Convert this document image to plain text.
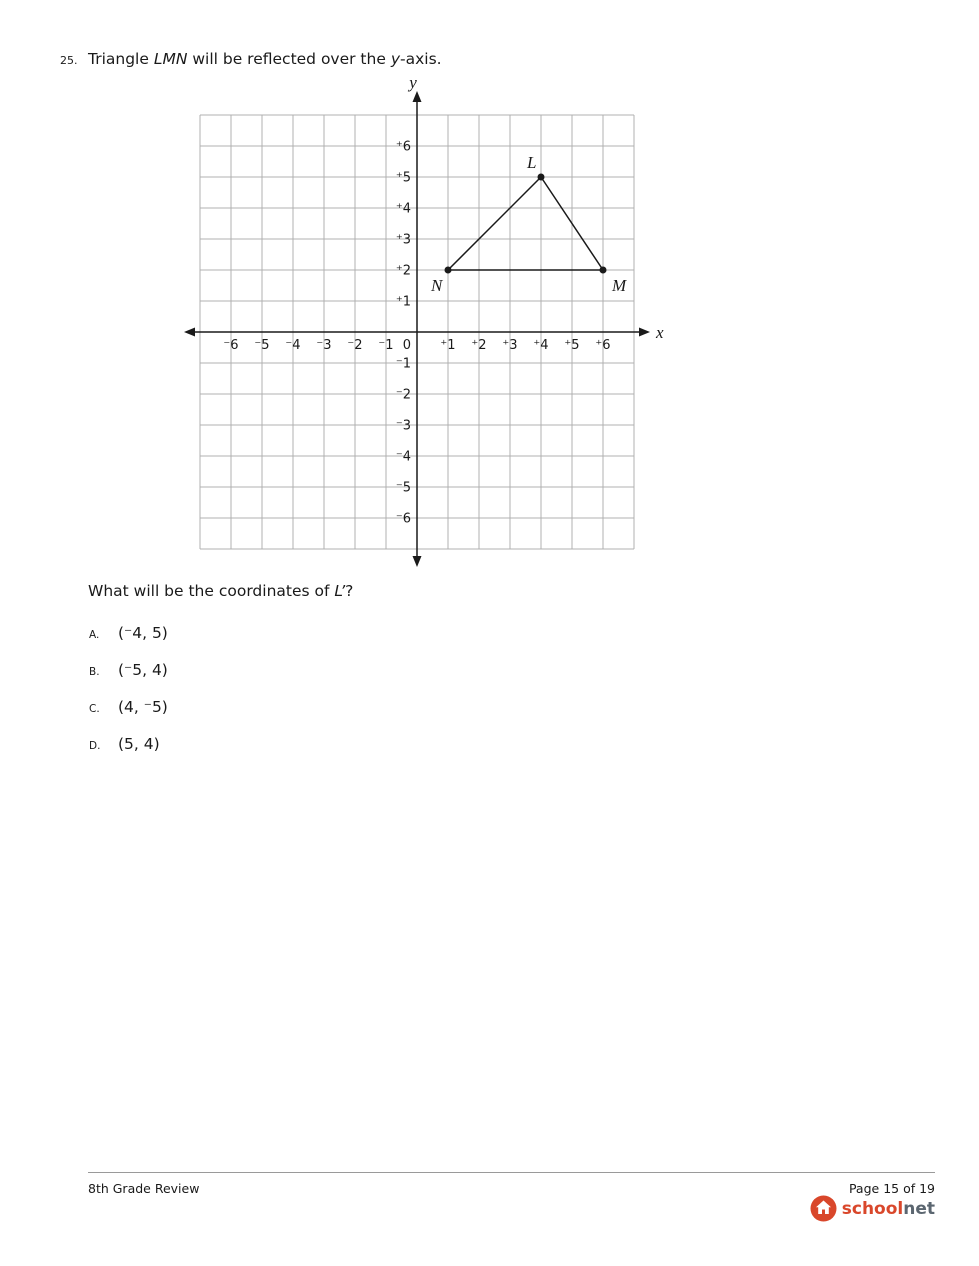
25. Triangle LMN will be reflected over the y-axis.
⁻6
⁻6
⁻5
⁻5
⁻4
⁻4
⁻3
⁻3
⁻2
⁻2
⁻1
⁻1
⁺1
⁺1
⁺2
⁺2
⁺3
⁺3
⁺4
⁺4
⁺5
⁺5
⁺6
⁺6
0
x
y
L
N	M
What will be the coordinates of L’?
A.	(⁻4, 5)
B.	(⁻5, 4)
C.	(4, ⁻5)
D.	(5, 4)
8th Grade Review	Page 15 of 19
schoolnet
